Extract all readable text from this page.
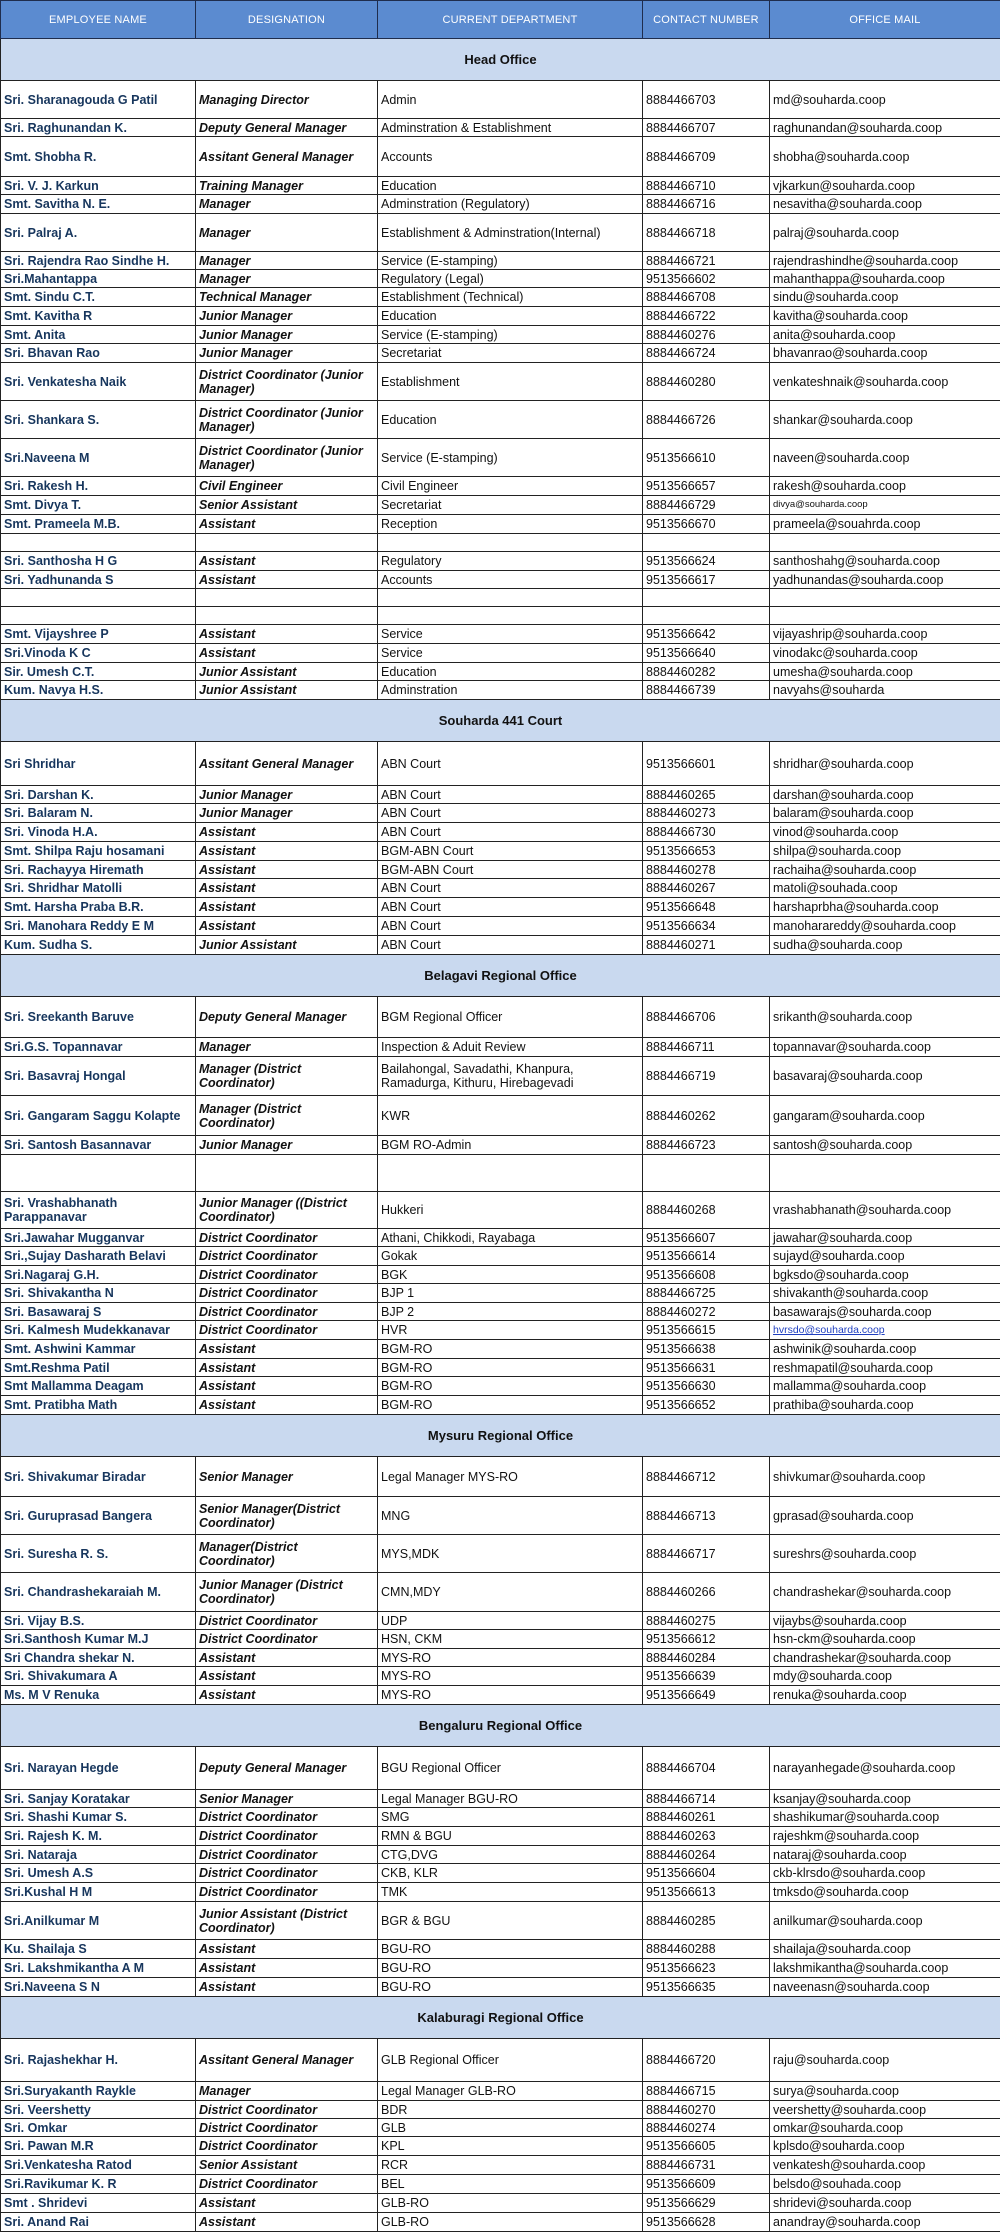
EMPLOYEE NAME	DESIGNATION	CURRENT DEPARTMENT	CONTACT NUMBER	OFFICE MAIL
Head Office				
Sri. Sharanagouda G Patil	Managing Director	Admin	8884466703	md@souharda.coop
Sri. Raghunandan K.	Deputy General Manager	Adminstration & Establishment	8884466707	raghunandan@souharda.coop
Smt. Shobha R.	Assitant General Manager	Accounts	8884466709	shobha@souharda.coop
Sri. V. J. Karkun	Training Manager	Education	8884466710	vjkarkun@souharda.coop
Smt. Savitha N. E.	Manager	Adminstration (Regulatory)	8884466716	nesavitha@souharda.coop
Sri. Palraj A.	Manager	Establishment & Adminstration(Internal)	8884466718	palraj@souharda.coop
Sri. Rajendra Rao Sindhe H.	Manager	Service (E-stamping)	8884466721	rajendrashindhe@souharda.coop
Sri.Mahantappa	Manager	Regulatory (Legal)	9513566602	mahanthappa@souharda.coop
Smt. Sindu C.T.	Technical Manager	Establishment (Technical)	8884466708	sindu@souharda.coop
Smt. Kavitha R	Junior Manager	Education	8884466722	kavitha@souharda.coop
Smt. Anita	Junior Manager	Service (E-stamping)	8884460276	anita@souharda.coop
Sri. Bhavan Rao	Junior Manager	Secretariat	8884466724	bhavanrao@souharda.coop
Sri. Venkatesha Naik	District Coordinator (Junior Manager)	Establishment	8884460280	venkateshnaik@souharda.coop
Sri. Shankara S.	District Coordinator (Junior Manager)	Education	8884466726	shankar@souharda.coop
Sri.Naveena M	District Coordinator (Junior Manager)	Service (E-stamping)	9513566610	naveen@souharda.coop
Sri. Rakesh H.	Civil Engineer	Civil Engineer	9513566657	rakesh@souharda.coop
Smt. Divya T.	Senior Assistant	Secretariat	8884466729	divya@souharda.coop
Smt. Prameela M.B.	Assistant	Reception	9513566670	prameela@souahrda.coop

Sri. Santhosha H G	Assistant	Regulatory	9513566624	santhoshahg@souharda.coop
Sri. Yadhunanda S	Assistant	Accounts	9513566617	yadhunandas@souharda.coop

Smt. Vijayshree P	Assistant	Service	9513566642	vijayashrip@souharda.coop
Sri.Vinoda K C	Assistant	Service	9513566640	vinodakc@souharda.coop
Sir. Umesh C.T.	Junior Assistant	Education	8884460282	umesha@souharda.coop
Kum. Navya H.S.	Junior Assistant	Adminstration	8884466739	navyahs@souharda
Souharda 441 Court				
Sri Shridhar	Assitant General Manager	ABN Court	9513566601	shridhar@souharda.coop
Sri. Darshan K.	Junior Manager	ABN Court	8884460265	darshan@souharda.coop
Sri. Balaram N.	Junior Manager	ABN Court	8884460273	balaram@souharda.coop
Sri. Vinoda H.A.	Assistant	ABN Court	8884466730	vinod@souharda.coop
Smt. Shilpa Raju hosamani	Assistant	BGM-ABN Court	9513566653	shilpa@souharda.coop
Sri. Rachayya Hiremath	Assistant	BGM-ABN Court	8884460278	rachaiha@souharda.coop
Sri. Shridhar Matolli	Assistant	ABN Court	8884460267	matoli@souhada.coop
Smt. Harsha Praba B.R.	Assistant	ABN Court	9513566648	harshaprbha@souharda.coop
Sri. Manohara Reddy E M	Assistant	ABN Court	9513566634	manoharareddy@souharda.coop
Kum. Sudha S.	Junior Assistant	ABN Court	8884460271	sudha@souharda.coop
Belagavi Regional Office				
Sri. Sreekanth Baruve	Deputy General Manager	BGM Regional Officer	8884466706	srikanth@souharda.coop
Sri.G.S. Topannavar	Manager	Inspection & Aduit Review	8884466711	topannavar@souharda.coop
Sri. Basavraj Hongal	Manager (District Coordinator)	Bailahongal, Savadathi, Khanpura, Ramadurga, Kithuru, Hirebagevadi	8884466719	basavaraj@souharda.coop
Sri. Gangaram Saggu Kolapte	Manager (District Coordinator)	KWR	8884460262	gangaram@souharda.coop
Sri. Santosh Basannavar	Junior Manager	BGM RO-Admin	8884466723	santosh@souharda.coop

Sri. Vrashabhanath Parappanavar	Junior Manager ((District Coordinator)	Hukkeri	8884460268	vrashabhanath@souharda.coop
Sri.Jawahar Mugganvar	District Coordinator	Athani, Chikkodi, Rayabaga	9513566607	jawahar@souharda.coop
Sri.,Sujay Dasharath Belavi	District Coordinator	Gokak	9513566614	sujayd@souharda.coop
Sri.Nagaraj G.H.	District Coordinator	BGK	9513566608	bgksdo@souharda.coop
Sri. Shivakantha N	District Coordinator	BJP 1	8884466725	shivakanth@souharda.coop
Sri. Basawaraj S	District Coordinator	BJP 2	8884460272	basawarajs@souharda.coop
Sri. Kalmesh Mudekkanavar	District Coordinator	HVR	9513566615	hvrsdo@souharda.coop
Smt. Ashwini Kammar	Assistant	BGM-RO	9513566638	ashwinik@souharda.coop
Smt.Reshma Patil	Assistant	BGM-RO	9513566631	reshmapatil@souharda.coop
Smt Mallamma Deagam	Assistant	BGM-RO	9513566630	mallamma@souharda.coop
Smt. Pratibha Math	Assistant	BGM-RO	9513566652	prathiba@souharda.coop
Mysuru Regional Office				
Sri. Shivakumar Biradar	Senior Manager	Legal Manager MYS-RO	8884466712	shivkumar@souharda.coop
Sri. Guruprasad Bangera	Senior Manager(District Coordinator)	MNG	8884466713	gprasad@souharda.coop
Sri. Suresha R. S.	Manager(District Coordinator)	MYS,MDK	8884466717	sureshrs@souharda.coop
Sri. Chandrashekaraiah M.	Junior Manager (District Coordinator)	CMN,MDY	8884460266	chandrashekar@souharda.coop
Sri. Vijay B.S.	District Coordinator	UDP	8884460275	vijaybs@souharda.coop
Sri.Santhosh Kumar M.J	District Coordinator	HSN, CKM	9513566612	hsn-ckm@souharda.coop
Sri Chandra shekar N.	Assistant	MYS-RO	8884460284	chandrashekar@souharda.coop
Sri. Shivakumara A	Assistant	MYS-RO	9513566639	mdy@souharda.coop
Ms. M V Renuka	Assistant	MYS-RO	9513566649	renuka@souharda.coop
Bengaluru Regional Office				
Sri. Narayan Hegde	Deputy General Manager	BGU Regional Officer	8884466704	narayanhegade@souharda.coop
Sri. Sanjay Koratakar	Senior Manager	Legal Manager BGU-RO	8884466714	ksanjay@souharda.coop
Sri. Shashi Kumar S.	District Coordinator	SMG	8884460261	shashikumar@souharda.coop
Sri. Rajesh K. M.	District Coordinator	RMN & BGU	8884460263	rajeshkm@souharda.coop
Sri. Nataraja	District Coordinator	CTG,DVG	8884460264	nataraj@souharda.coop
Sri. Umesh A.S	District Coordinator	CKB, KLR	9513566604	ckb-klrsdo@souharda.coop
Sri.Kushal H M	District Coordinator	TMK	9513566613	tmksdo@souharda.coop
Sri.Anilkumar M	Junior Assistant (District Coordinator)	BGR & BGU	8884460285	anilkumar@souharda.coop
Ku. Shailaja S	Assistant	BGU-RO	8884460288	shailaja@souharda.coop
Sri. Lakshmikantha A M	Assistant	BGU-RO	9513566623	lakshmikantha@souharda.coop
Sri.Naveena S N	Assistant	BGU-RO	9513566635	naveenasn@souharda.coop
Kalaburagi Regional Office				
Sri. Rajashekhar H.	Assitant General Manager	GLB Regional Officer	8884466720	raju@souharda.coop
Sri.Suryakanth Raykle	Manager	Legal Manager GLB-RO	8884466715	surya@souharda.coop
Sri. Veershetty	District Coordinator	BDR	8884460270	veershetty@souharda.coop
Sri. Omkar	District Coordinator	GLB	8884460274	omkar@souharda.coop
Sri. Pawan M.R	District Coordinator	KPL	9513566605	kplsdo@souharda.coop
Sri.Venkatesha Ratod	Senior Assistant	RCR	8884466731	venkatesh@souharda.coop
Sri.Ravikumar K. R	District Coordinator	BEL	9513566609	belsdo@souhada.coop
Smt . Shridevi	Assistant	GLB-RO	9513566629	shridevi@souharda.coop
Sri. Anand Rai	Assistant	GLB-RO	9513566628	anandray@souharda.coop
